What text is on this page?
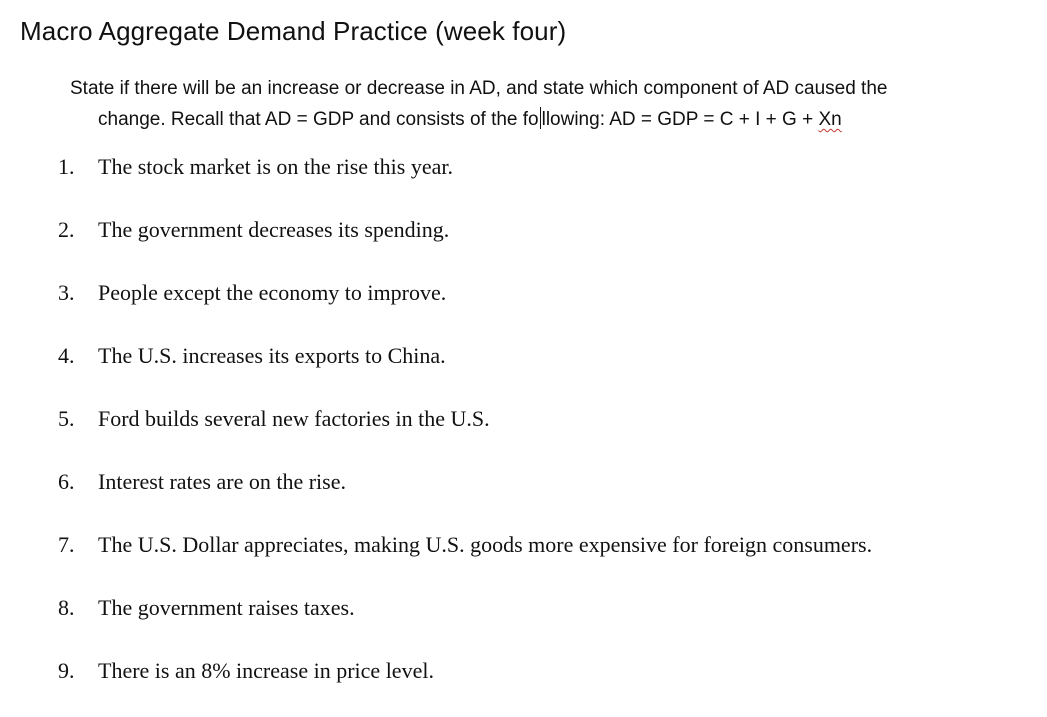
Macro Aggregate Demand Practice (week four)
State if there will be an increase or decrease in AD, and state which component of AD caused the
change. Recall that AD = GDP and consists of the fo llowing: AD = GDP = C + I + G + Xn
1. The stock market is on the rise this year.
2. The government decreases its spending.
3. People except the economy to improve.
4. The U.S. increases its exports to China.
5. Ford builds several new factories in the U.S.
6. Interest rates are on the rise.
7. The U.S. Dollar appreciates, making U.S. goods more expensive for foreign consumers.
8. The government raises taxes.
9. There is an 8% increase in price level.
